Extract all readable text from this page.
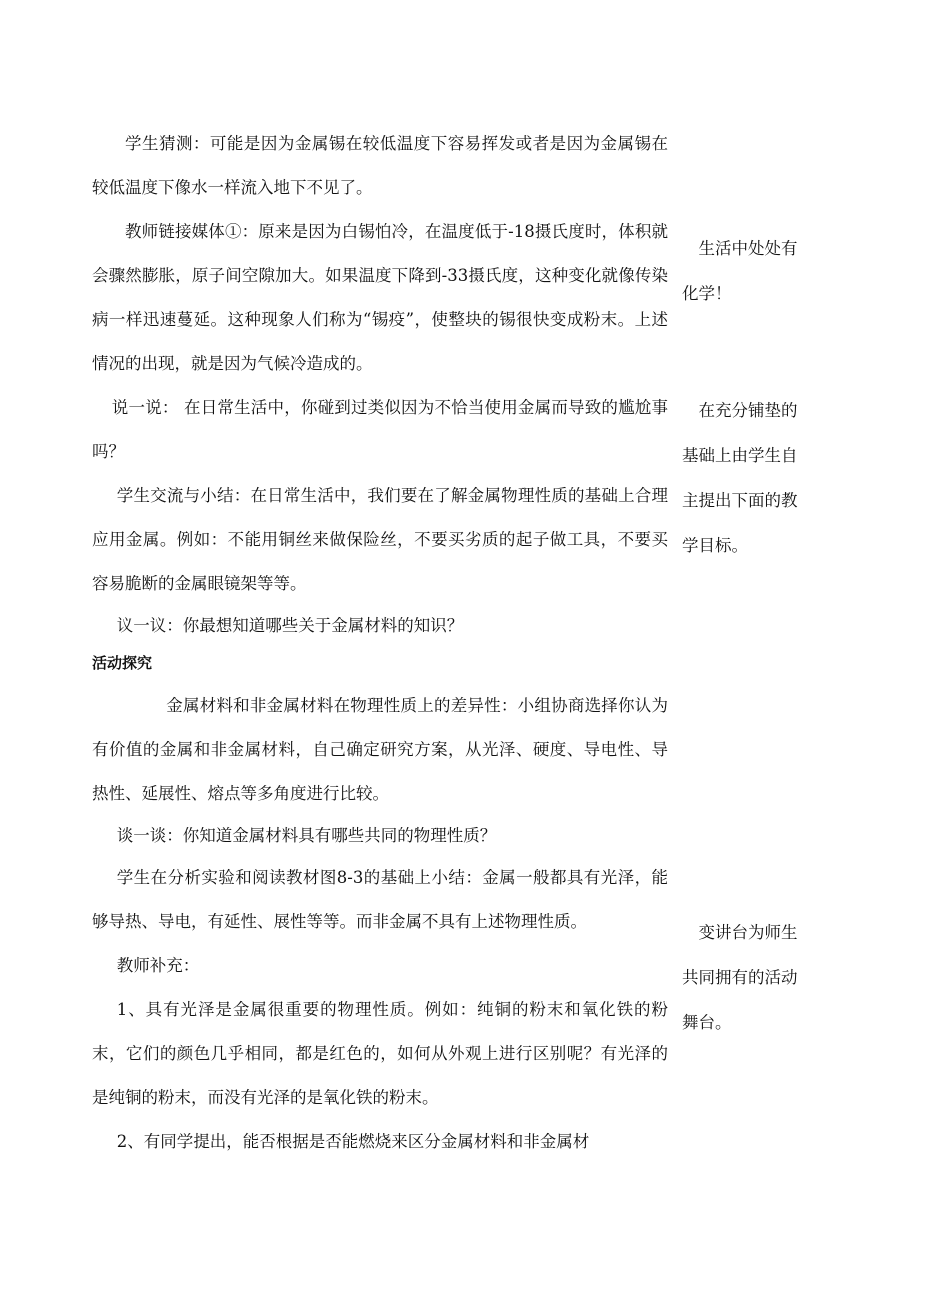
学生猜测：可能是因为金属锡在较低温度下容易挥发或者是因为金属锡在较低温度下像水一样流入地下不见了。

教师链接媒体①：原来是因为白锡怕冷，在温度低于-18摄氏度时，体积就会骤然膨胀，原子间空隙加大。如果温度下降到-33摄氏度，这种变化就像传染病一样迅速蔓延。这种现象人们称为“锡疫”，使整块的锡很快变成粉末。上述情况的出现，就是因为气候冷造成的。

说一说： 在日常生活中，你碰到过类似因为不恰当使用金属而导致的尴尬事吗？

学生交流与小结：在日常生活中，我们要在了解金属物理性质的基础上合理应用金属。例如：不能用铜丝来做保险丝，不要买劣质的起子做工具，不要买容易脆断的金属眼镜架等等。

议一议：你最想知道哪些关于金属材料的知识？

活动探究

金属材料和非金属材料在物理性质上的差异性：小组协商选择你认为有价值的金属和非金属材料，自己确定研究方案，从光泽、硬度、导电性、导热性、延展性、熔点等多角度进行比较。

谈一谈：你知道金属材料具有哪些共同的物理性质？

学生在分析实验和阅读教材图8-3的基础上小结：金属一般都具有光泽，能够导热、导电，有延性、展性等等。而非金属不具有上述物理性质。

教师补充：

1、具有光泽是金属很重要的物理性质。例如：纯铜的粉末和氧化铁的粉末，它们的颜色几乎相同，都是红色的，如何从外观上进行区别呢？有光泽的是纯铜的粉末，而没有光泽的是氧化铁的粉末。

2、有同学提出，能否根据是否能燃烧来区分金属材料和非金属材

生活中处处有

化学！

在充分铺垫的

基础上由学生自

主提出下面的教

学目标。

变讲台为师生

共同拥有的活动

舞台。
